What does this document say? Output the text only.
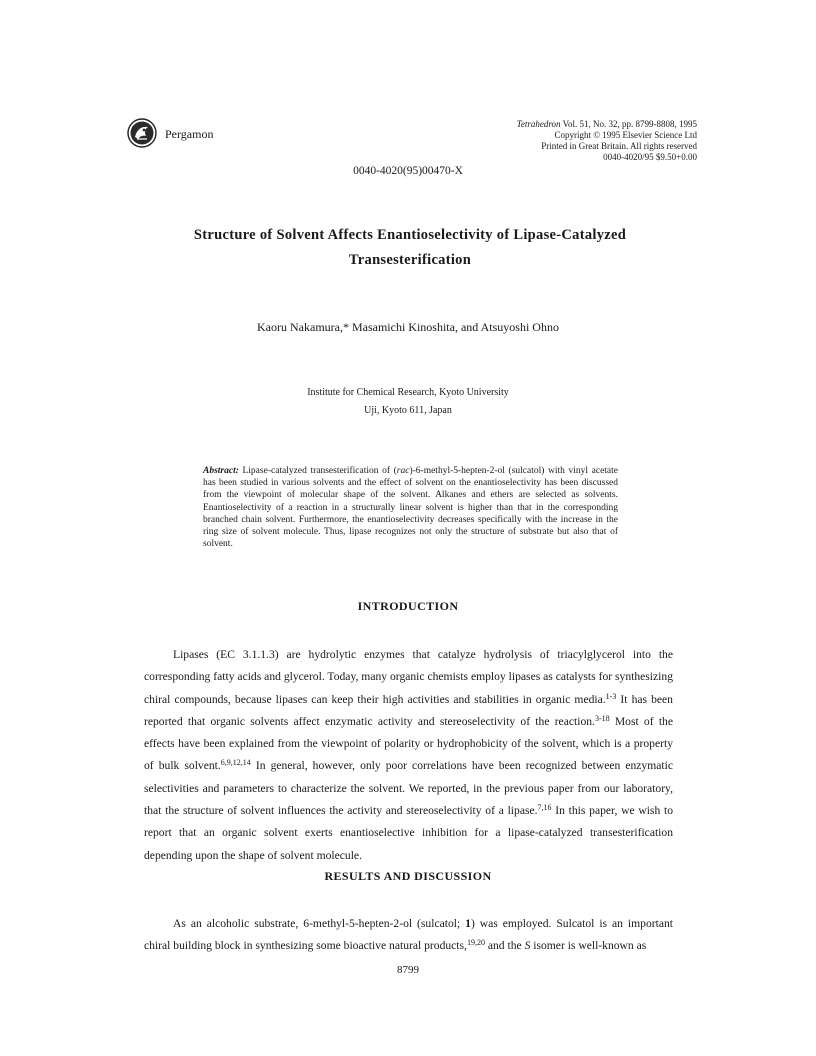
Pergamon
Tetrahedron Vol. 51, No. 32, pp. 8799-8808, 1995
Copyright © 1995 Elsevier Science Ltd
Printed in Great Britain. All rights reserved
0040-4020/95 $9.50+0.00
0040-4020(95)00470-X
Structure of Solvent Affects Enantioselectivity of Lipase-Catalyzed
Transesterification
Kaoru Nakamura,* Masamichi Kinoshita, and Atsuyoshi Ohno
Institute for Chemical Research, Kyoto University
Uji, Kyoto 611, Japan
Abstract: Lipase-catalyzed transesterification of (rac)-6-methyl-5-hepten-2-ol (sulcatol) with vinyl acetate has been studied in various solvents and the effect of solvent on the enantioselectivity has been discussed from the viewpoint of molecular shape of the solvent. Alkanes and ethers are selected as solvents. Enantioselectivity of a reaction in a structurally linear solvent is higher than that in the corresponding branched chain solvent. Furthermore, the enantioselectivity decreases specifically with the increase in the ring size of solvent molecule. Thus, lipase recognizes not only the structure of substrate but also that of solvent.
INTRODUCTION
Lipases (EC 3.1.1.3) are hydrolytic enzymes that catalyze hydrolysis of triacylglycerol into the corresponding fatty acids and glycerol. Today, many organic chemists employ lipases as catalysts for synthesizing chiral compounds, because lipases can keep their high activities and stabilities in organic media.$^{1-3}$ It has been reported that organic solvents affect enzymatic activity and stereoselectivity of the reaction.$^{3-18}$ Most of the effects have been explained from the viewpoint of polarity or hydrophobicity of the solvent, which is a property of bulk solvent.$^{6,9,12,14}$ In general, however, only poor correlations have been recognized between enzymatic selectivities and parameters to characterize the solvent. We reported, in the previous paper from our laboratory, that the structure of solvent influences the activity and stereoselectivity of a lipase.$^{7,16}$ In this paper, we wish to report that an organic solvent exerts enantioselective inhibition for a lipase-catalyzed transesterification depending upon the shape of solvent molecule.
RESULTS AND DISCUSSION
As an alcoholic substrate, 6-methyl-5-hepten-2-ol (sulcatol; 1) was employed. Sulcatol is an important chiral building block in synthesizing some bioactive natural products,$^{19,20}$ and the S isomer is well-known as
8799
